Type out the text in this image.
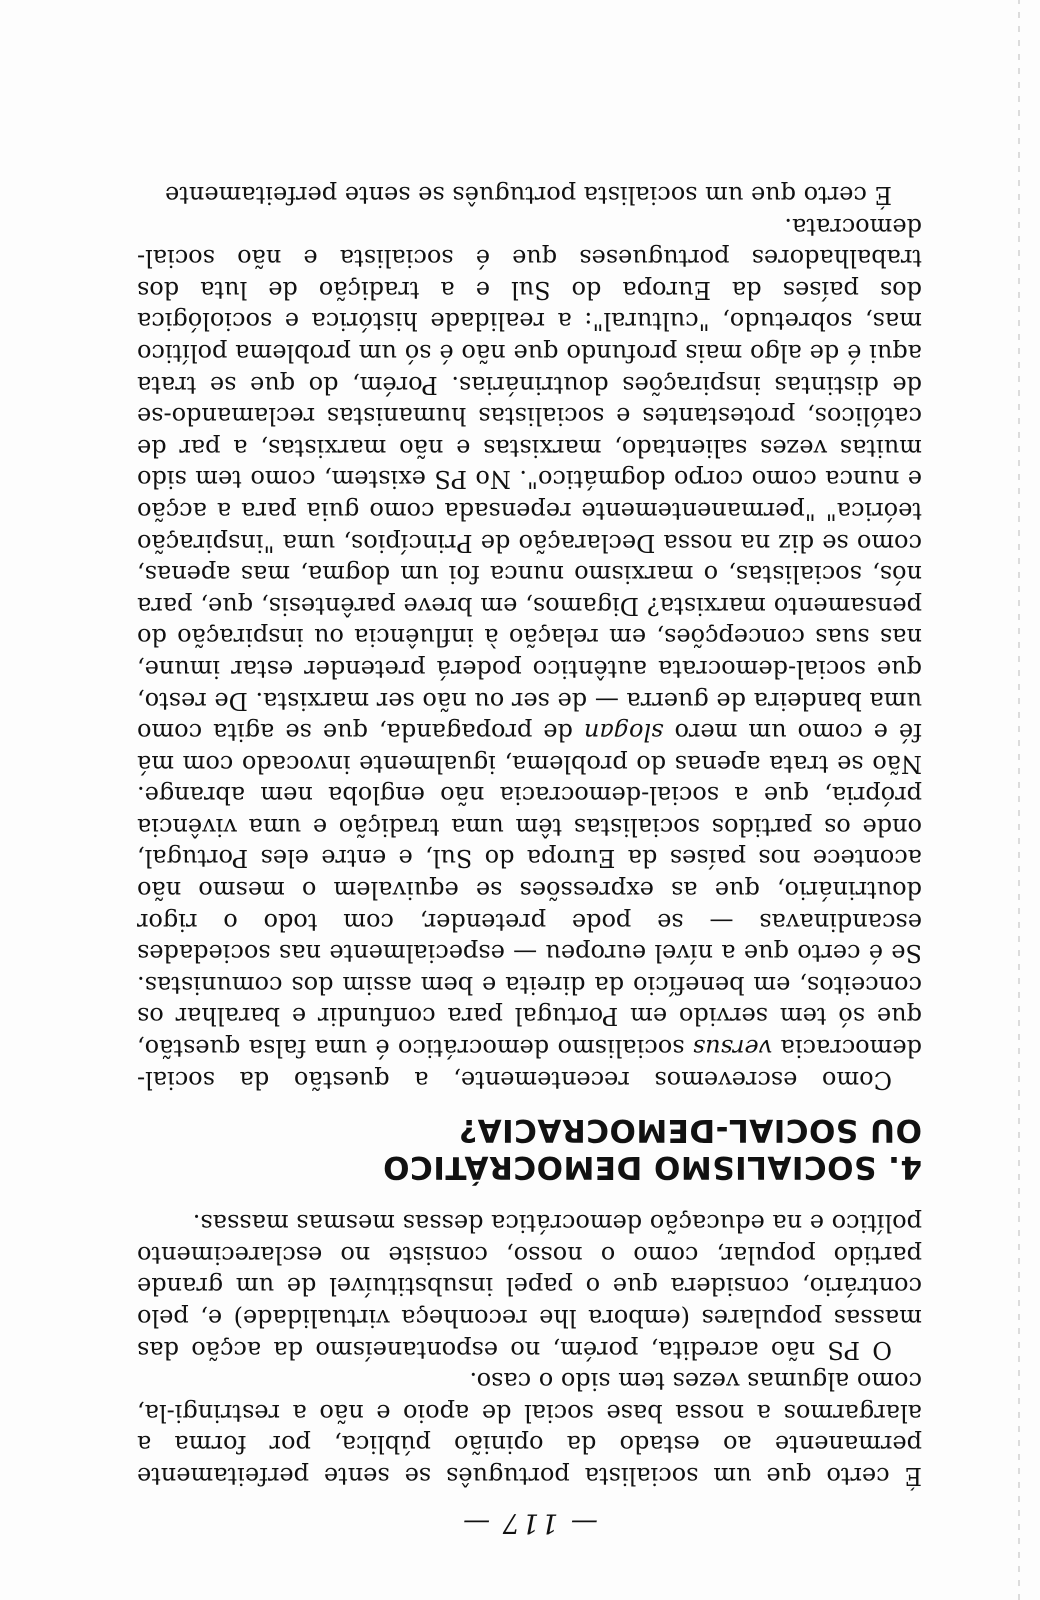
— 117 —

É certo que um socialista português se sente perfeitamente permanente ao estado da opinião pública, por forma a alargarmos a nossa base social de apoio e não a restringi-la, como algumas vezes tem sido o caso.

O PS não acredita, porém, no espontaneísmo da acção das massas populares (embora lhe reconheça virtualidade) e, pelo contrário, considera que o papel insubstituível de um grande partido popular, como o nosso, consiste no esclarecimento político e na educação democrática dessas mesmas massas.

4. SOCIALISMO DEMOCRÁTICO
OU SOCIAL-DEMOCRACIA?

Como escrevemos recentemente, a questão da social-democracia versus socialismo democrático é uma falsa questão, que só tem servido em Portugal para confundir e baralhar os conceitos, em benefício da direita e bem assim dos comunistas. Se é certo que a nível europeu — especialmente nas sociedades escandinavas — se pode pretender, com todo o rigor doutrinário, que as expressões se equivalem o mesmo não acontece nos países da Europa do Sul, e entre eles Portugal, onde os partidos socialistas têm uma tradição e uma vivência própria, que a social-democracia não engloba nem abrange. Não se trata apenas do problema, igualmente invocado com má fé e como um mero slogan de propaganda, que se agita como uma bandeira de guerra — de ser ou não ser marxista. De resto, que social-democrata autêntico poderá pretender estar imune, nas suas concepções, em relação à influência ou inspiração do pensamento marxista? Digamos, em breve parêntesis, que, para nós, socialistas, o marxismo nunca foi um dogma, mas apenas, como se diz na nossa Declaração de Princípios, uma "inspiração teórica" "permanentemente repensada como guia para a acção e nunca como corpo dogmático". No PS existem, como tem sido muitas vezes salientado, marxistas e não marxistas, a par de católicos, protestantes e socialistas humanistas reclamando-se de distintas inspirações doutrinárias. Porém, do que se trata aqui é de algo mais profundo que não é só um problema político mas, sobretudo, "cultural": a realidade histórica e sociológica dos países da Europa do Sul e a tradição de luta dos trabalhadores portugueses que é socialista e não social-democrata.

É certo que um socialista português se sente perfeitamente
